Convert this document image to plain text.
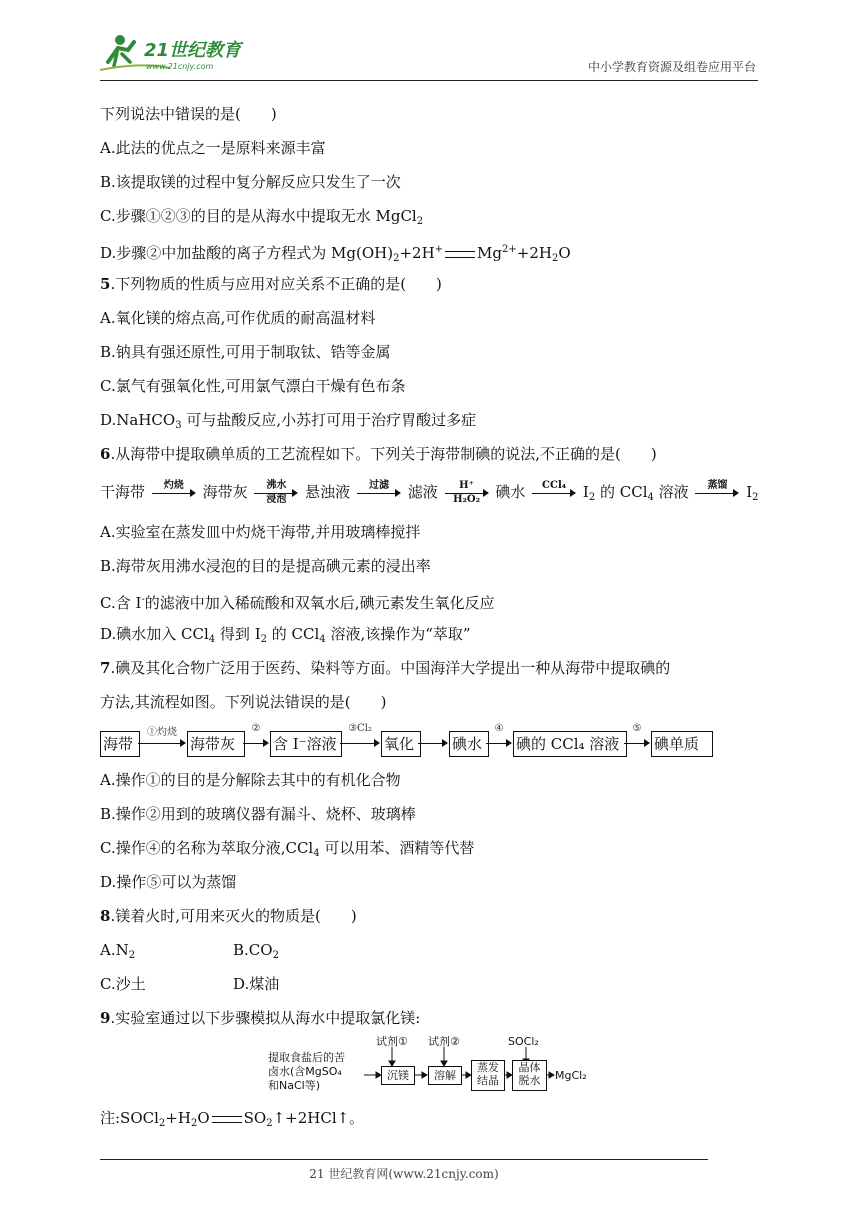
21世纪教育
www.21cnjy.com	中小学教育资源及组卷应用平台
下列说法中错误的是(　　)
A.此法的优点之一是原料来源丰富
B.该提取镁的过程中复分解反应只发生了一次
C.步骤①②③的目的是从海水中提取无水 MgCl$_2$
D.步骤②中加盐酸的离子方程式为 $Mg(OH)_2+2H^+$ $Mg^{2+}+2H_2O$
5.下列物质的性质与应用对应关系不正确的是(　　)
A.氧化镁的熔点高,可作优质的耐高温材料
B.钠具有强还原性,可用于制取钛、锆等金属
C.氯气有强氧化性,可用氯气漂白干燥有色布条
D.NaHCO$_3$ 可与盐酸反应,小苏打可用于治疗胃酸过多症
6.从海带中提取碘单质的工艺流程如下。下列关于海带制碘的说法,不正确的是(　　)
干海带	灼烧	海带灰	沸水
浸泡	悬浊液	过滤	滤液 $\frac{H^+}{\text{H₂O₂}}$ 碘水	CCl₄	$I_2$ 的 CCl$_4$ 溶液	蒸馏	$I_2$
A.实验室在蒸发皿中灼烧干海带,并用玻璃棒搅拌
B.海带灰用沸水浸泡的目的是提高碘元素的浸出率
C.含 I-的滤液中加入稀硫酸和双氧水后,碘元素发生氧化反应
D.碘水加入 CCl$_4$ 得到 $I_2$ 的 CCl$_4$ 溶液,该操作为“萃取”
7.碘及其化合物广泛用于医药、染料等方面。中国海洋大学提出一种从海带中提取碘的
方法,其流程如图。下列说法错误的是(　　)
海带
①灼烧
海带灰
②
含 I⁻溶液
③Cl₂
氧化	碘水
④
碘的 CCl₄ 溶液
⑤
碘单质
A.操作①的目的是分解除去其中的有机化合物
B.操作②用到的玻璃仪器有漏斗、烧杯、玻璃棒
C.操作④的名称为萃取分液,CCl$_4$ 可以用苯、酒精等代替
D.操作⑤可以为蒸馏
8.镁着火时,可用来灭火的物质是(　　)
$A.N_2$	$B.CO_2$
C.沙土	D.煤油
9.实验室通过以下步骤模拟从海水中提取氯化镁:
提取食盐后的苦
卤水(含MgSO₄
和NaCl等)
试剂① 试剂②	SOCl₂
沉镁	溶解
蒸发
结晶
晶体
脱水	MgCl₂
注$:SOCl_2+H_2O$ $SO_2↑+2HCl↑$。
21 世纪教育网(www.21cnjy.com)
